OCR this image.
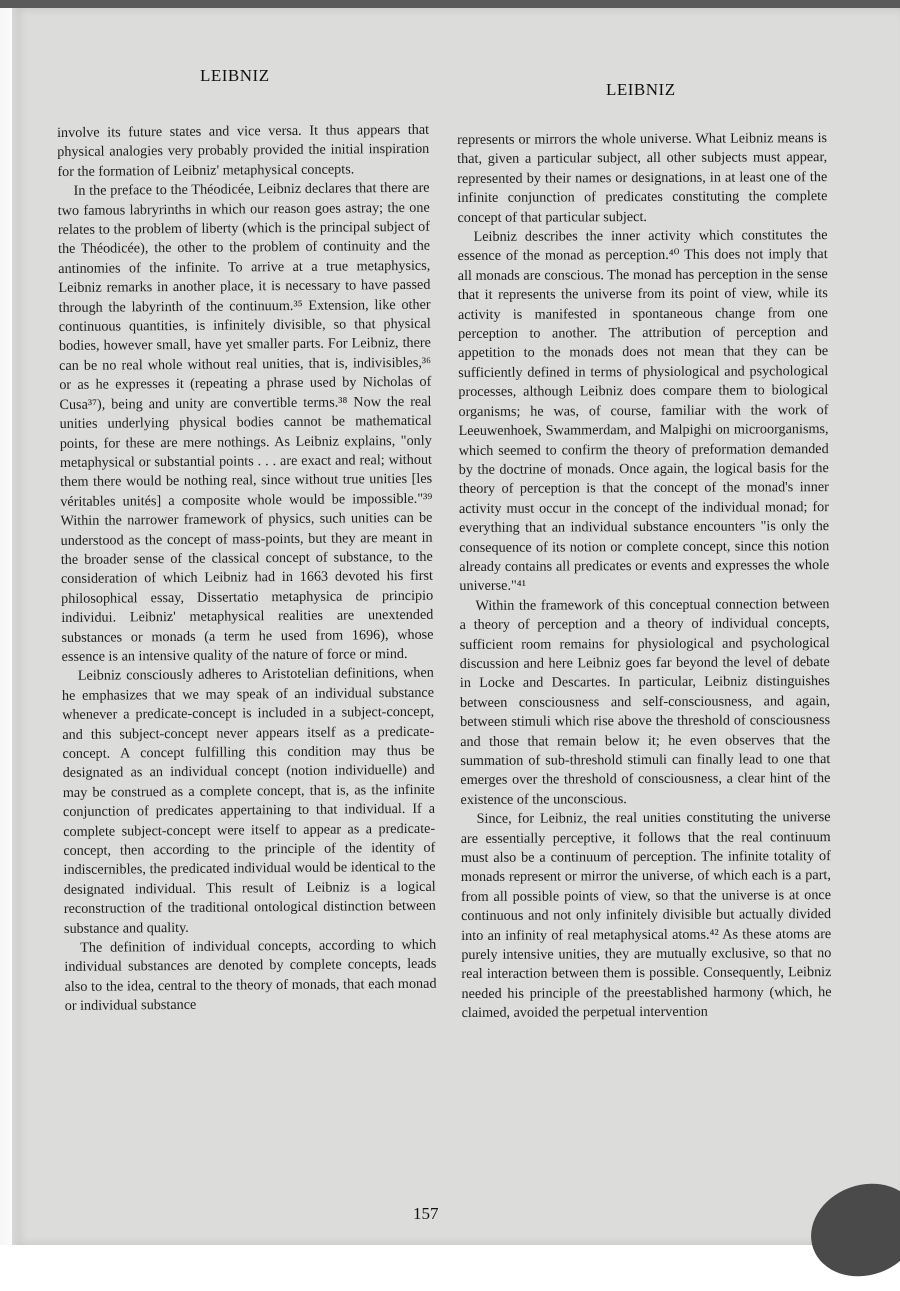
LEIBNIZ
LEIBNIZ

involve its future states and vice versa. It thus appears that physical analogies very probably provided the initial inspiration for the formation of Leibniz' metaphysical concepts.

In the preface to the Théodicée, Leibniz declares that there are two famous labryrinths in which our reason goes astray; the one relates to the problem of liberty (which is the principal subject of the Théodicée), the other to the problem of continuity and the antinomies of the infinite. To arrive at a true metaphysics, Leibniz remarks in another place, it is necessary to have passed through the labyrinth of the continuum.³⁵ Extension, like other continuous quantities, is infinitely divisible, so that physical bodies, however small, have yet smaller parts. For Leibniz, there can be no real whole without real unities, that is, indivisibles,³⁶ or as he expresses it (repeating a phrase used by Nicholas of Cusa³⁷), being and unity are convertible terms.³⁸ Now the real unities underlying physical bodies cannot be mathematical points, for these are mere nothings. As Leibniz explains, "only metaphysical or substantial points . . . are exact and real; without them there would be nothing real, since without true unities [les véritables unités] a composite whole would be impossible."³⁹ Within the narrower framework of physics, such unities can be understood as the concept of mass-points, but they are meant in the broader sense of the classical concept of substance, to the consideration of which Leibniz had in 1663 devoted his first philosophical essay, Dissertatio metaphysica de principio individui. Leibniz' metaphysical realities are unextended substances or monads (a term he used from 1696), whose essence is an intensive quality of the nature of force or mind.

Leibniz consciously adheres to Aristotelian definitions, when he emphasizes that we may speak of an individual substance whenever a predicate-concept is included in a subject-concept, and this subject-concept never appears itself as a predicate-concept. A concept fulfilling this condition may thus be designated as an individual concept (notion individuelle) and may be construed as a complete concept, that is, as the infinite conjunction of predicates appertaining to that individual. If a complete subject-concept were itself to appear as a predicate-concept, then according to the principle of the identity of indiscernibles, the predicated individual would be identical to the designated individual. This result of Leibniz is a logical reconstruction of the traditional ontological distinction between substance and quality.

The definition of individual concepts, according to which individual substances are denoted by complete concepts, leads also to the idea, central to the theory of monads, that each monad or individual substance

represents or mirrors the whole universe. What Leibniz means is that, given a particular subject, all other subjects must appear, represented by their names or designations, in at least one of the infinite conjunction of predicates constituting the complete concept of that particular subject.

Leibniz describes the inner activity which constitutes the essence of the monad as perception.⁴⁰ This does not imply that all monads are conscious. The monad has perception in the sense that it represents the universe from its point of view, while its activity is manifested in spontaneous change from one perception to another. The attribution of perception and appetition to the monads does not mean that they can be sufficiently defined in terms of physiological and psychological processes, although Leibniz does compare them to biological organisms; he was, of course, familiar with the work of Leeuwenhoek, Swammerdam, and Malpighi on microorganisms, which seemed to confirm the theory of preformation demanded by the doctrine of monads. Once again, the logical basis for the theory of perception is that the concept of the monad's inner activity must occur in the concept of the individual monad; for everything that an individual substance encounters "is only the consequence of its notion or complete concept, since this notion already contains all predicates or events and expresses the whole universe."⁴¹

Within the framework of this conceptual connection between a theory of perception and a theory of individual concepts, sufficient room remains for physiological and psychological discussion and here Leibniz goes far beyond the level of debate in Locke and Descartes. In particular, Leibniz distinguishes between consciousness and self-consciousness, and again, between stimuli which rise above the threshold of consciousness and those that remain below it; he even observes that the summation of sub-threshold stimuli can finally lead to one that emerges over the threshold of consciousness, a clear hint of the existence of the unconscious.

Since, for Leibniz, the real unities constituting the universe are essentially perceptive, it follows that the real continuum must also be a continuum of perception. The infinite totality of monads represent or mirror the universe, of which each is a part, from all possible points of view, so that the universe is at once continuous and not only infinitely divisible but actually divided into an infinity of real metaphysical atoms.⁴² As these atoms are purely intensive unities, they are mutually exclusive, so that no real interaction between them is possible. Consequently, Leibniz needed his principle of the preestablished harmony (which, he claimed, avoided the perpetual intervention

157
